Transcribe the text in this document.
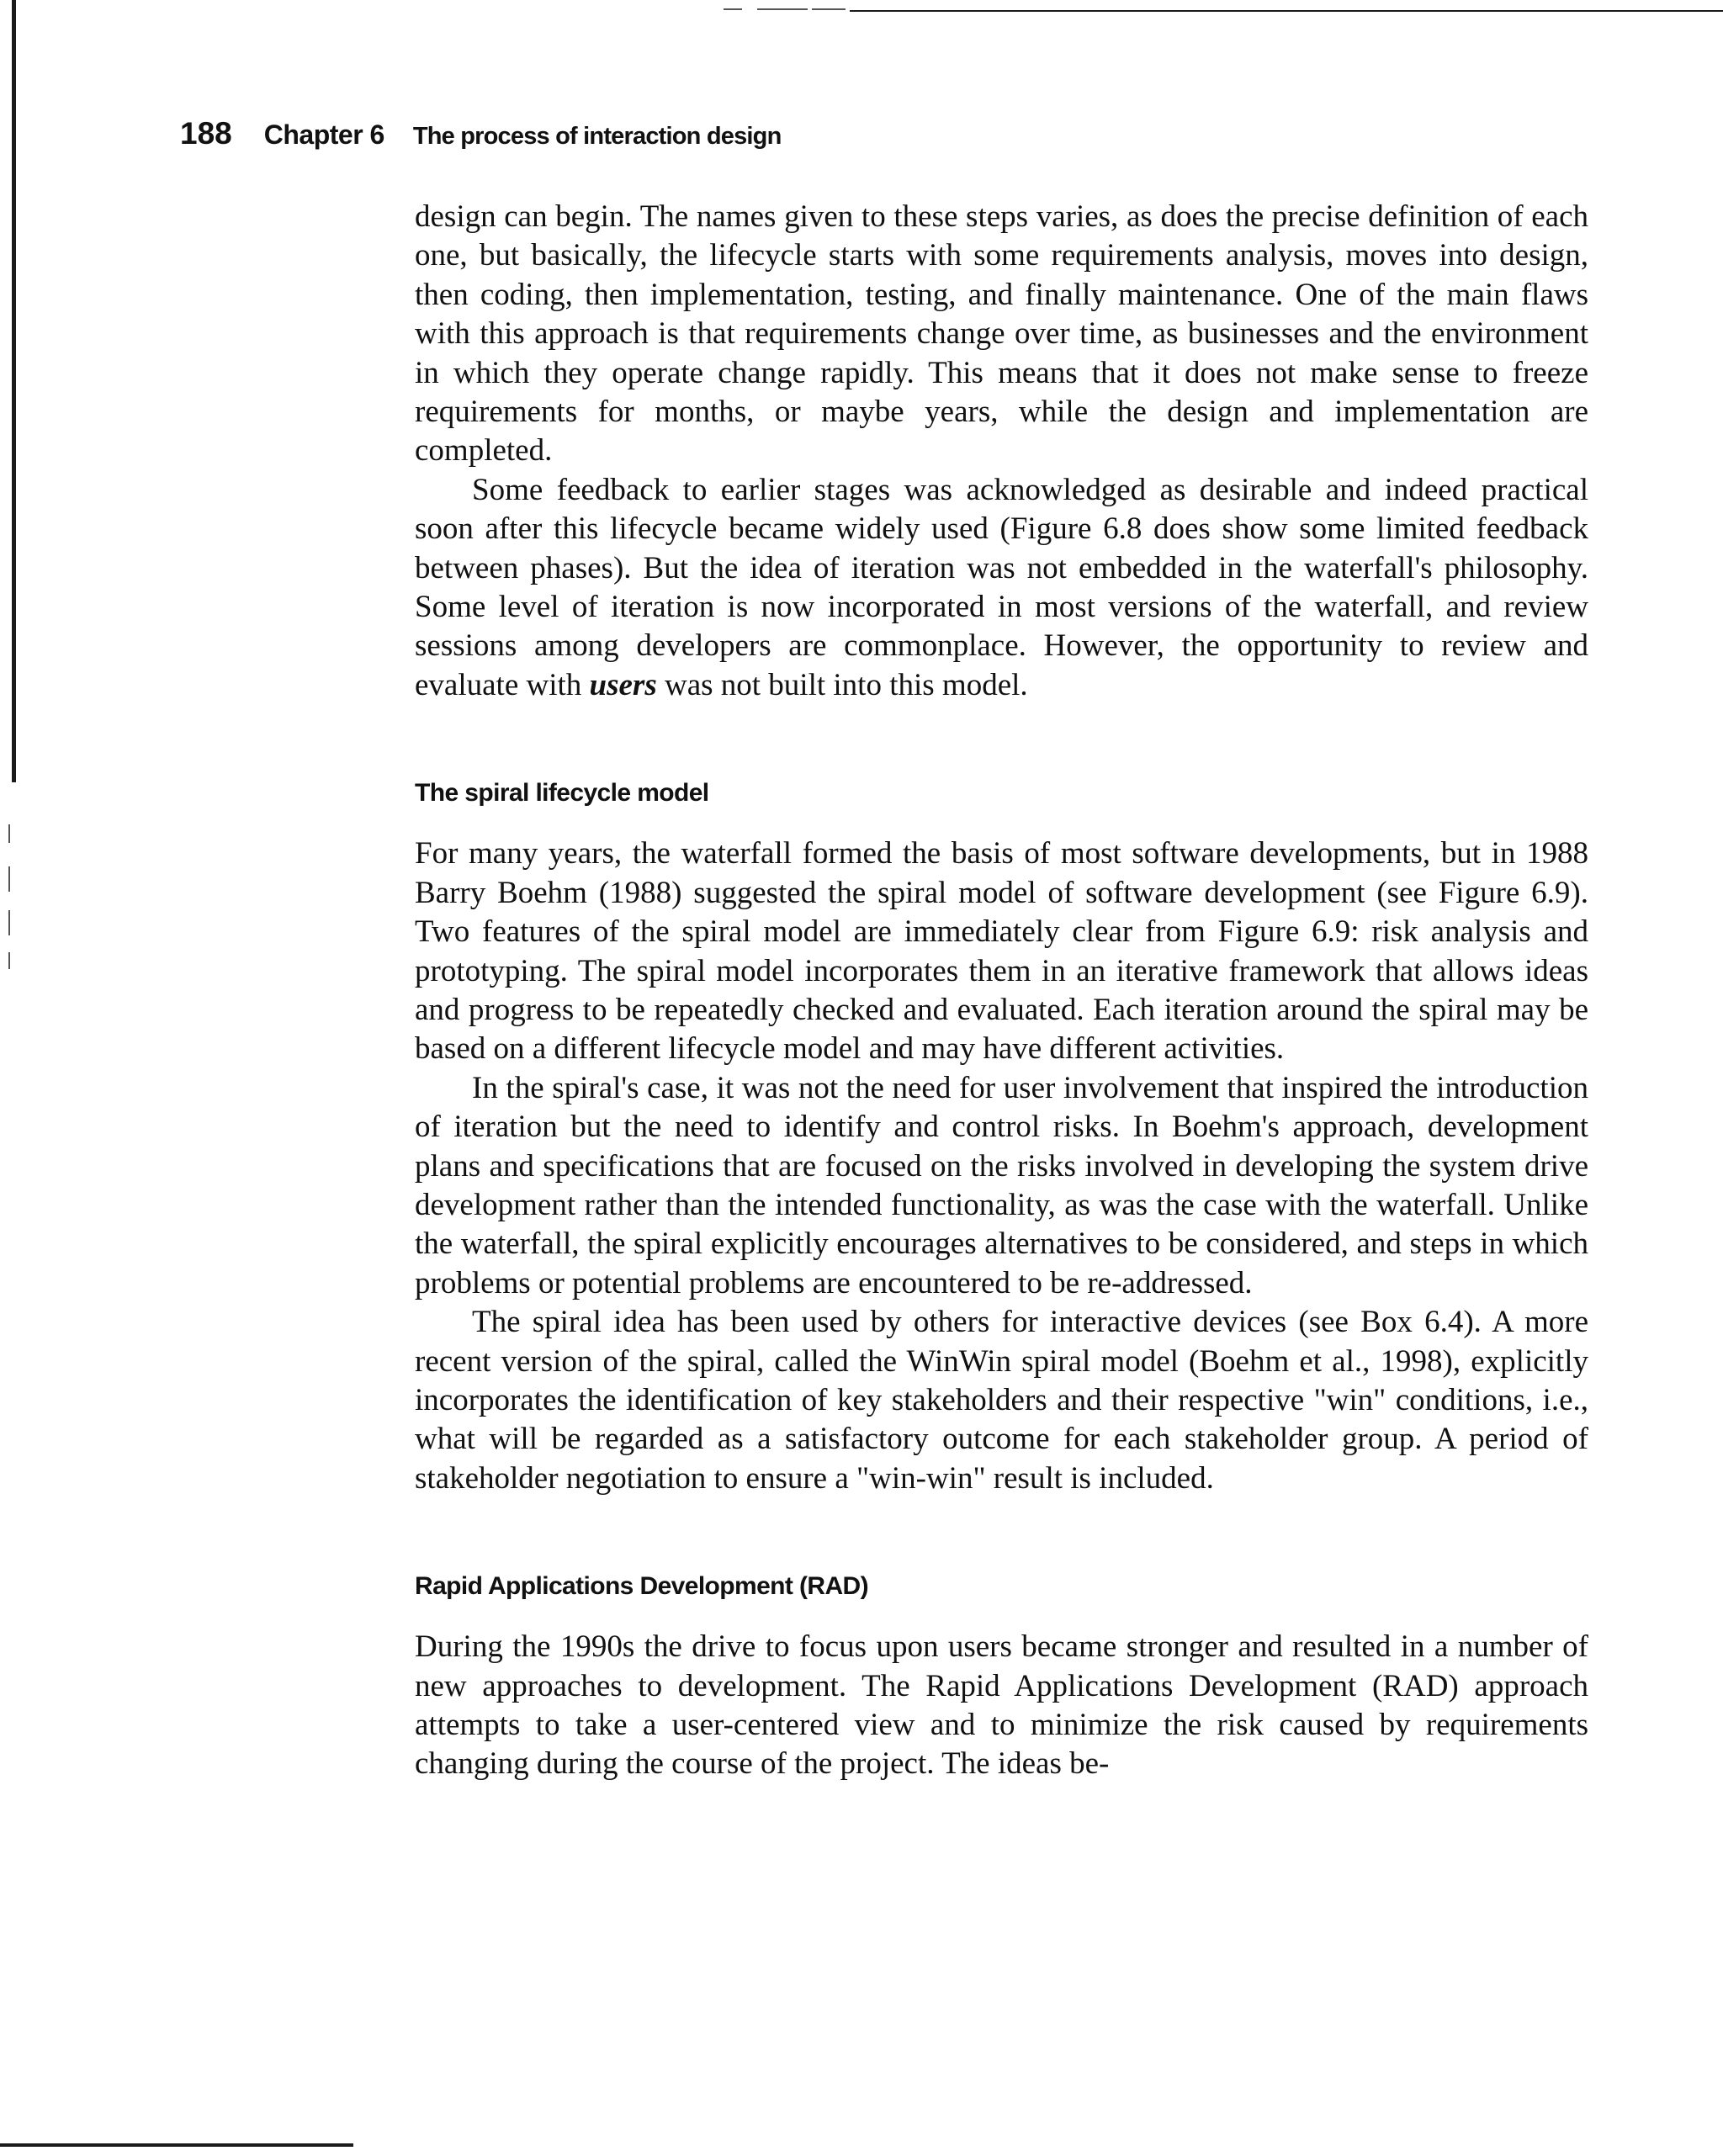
188 Chapter 6 The process of interaction design

design can begin. The names given to these steps varies, as does the precise definition of each one, but basically, the lifecycle starts with some requirements analysis, moves into design, then coding, then implementation, testing, and finally maintenance. One of the main flaws with this approach is that requirements change over time, as businesses and the environment in which they operate change rapidly. This means that it does not make sense to freeze requirements for months, or maybe years, while the design and implementation are completed.

Some feedback to earlier stages was acknowledged as desirable and indeed practical soon after this lifecycle became widely used (Figure 6.8 does show some limited feedback between phases). But the idea of iteration was not embedded in the waterfall's philosophy. Some level of iteration is now incorporated in most versions of the waterfall, and review sessions among developers are commonplace. However, the opportunity to review and evaluate with users was not built into this model.

The spiral lifecycle model

For many years, the waterfall formed the basis of most software developments, but in 1988 Barry Boehm (1988) suggested the spiral model of software development (see Figure 6.9). Two features of the spiral model are immediately clear from Figure 6.9: risk analysis and prototyping. The spiral model incorporates them in an iterative framework that allows ideas and progress to be repeatedly checked and evaluated. Each iteration around the spiral may be based on a different lifecycle model and may have different activities.

In the spiral's case, it was not the need for user involvement that inspired the introduction of iteration but the need to identify and control risks. In Boehm's approach, development plans and specifications that are focused on the risks involved in developing the system drive development rather than the intended functionality, as was the case with the waterfall. Unlike the waterfall, the spiral explicitly encourages alternatives to be considered, and steps in which problems or potential problems are encountered to be re-addressed.

The spiral idea has been used by others for interactive devices (see Box 6.4). A more recent version of the spiral, called the WinWin spiral model (Boehm et al., 1998), explicitly incorporates the identification of key stakeholders and their respective "win" conditions, i.e., what will be regarded as a satisfactory outcome for each stakeholder group. A period of stakeholder negotiation to ensure a "win-win" result is included.

Rapid Applications Development (RAD)

During the 1990s the drive to focus upon users became stronger and resulted in a number of new approaches to development. The Rapid Applications Development (RAD) approach attempts to take a user-centered view and to minimize the risk caused by requirements changing during the course of the project. The ideas be-
